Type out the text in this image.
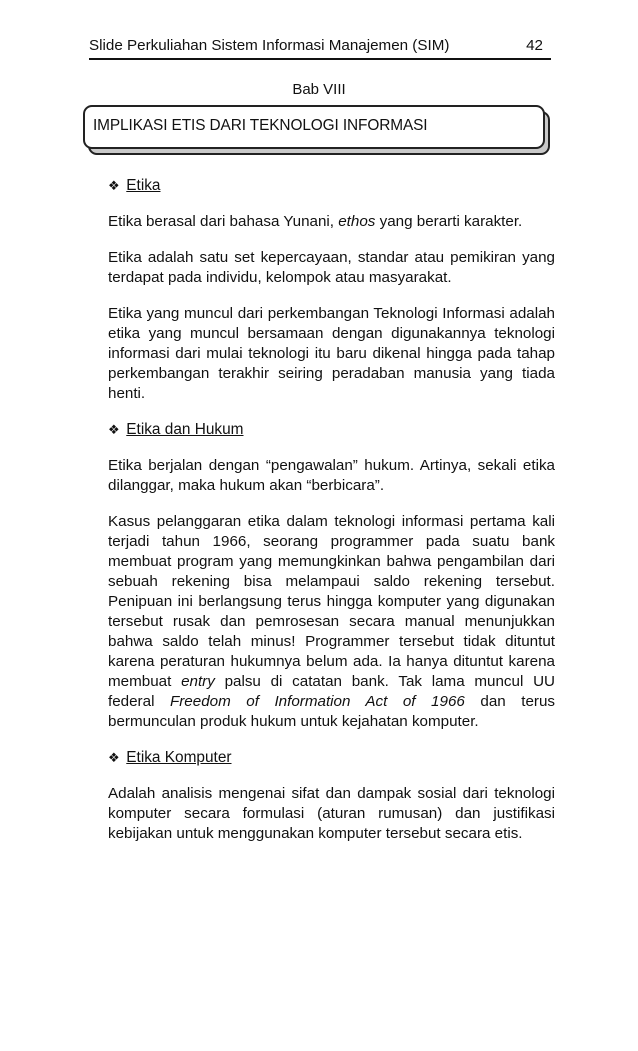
Slide Perkuliahan Sistem Informasi Manajemen (SIM)	42
Bab VIII
IMPLIKASI ETIS DARI TEKNOLOGI INFORMASI
❖ Etika

Etika berasal dari bahasa Yunani, ethos yang berarti karakter.

Etika adalah satu set kepercayaan, standar atau pemikiran yang terdapat pada individu, kelompok atau masyarakat.

Etika yang muncul dari perkembangan Teknologi Informasi adalah etika yang muncul bersamaan dengan digunakannya teknologi informasi dari mulai teknologi itu baru dikenal hingga pada tahap perkembangan terakhir seiring peradaban manusia yang tiada henti.

❖ Etika dan Hukum

Etika berjalan dengan “pengawalan” hukum. Artinya, sekali etika dilanggar, maka hukum akan “berbicara”.

Kasus pelanggaran etika dalam teknologi informasi pertama kali terjadi tahun 1966, seorang programmer pada suatu bank membuat program yang memungkinkan bahwa pengambilan dari sebuah rekening bisa melampaui saldo rekening tersebut. Penipuan ini berlangsung terus hingga komputer yang digunakan tersebut rusak dan pemrosesan secara manual menunjukkan bahwa saldo telah minus! Programmer tersebut tidak dituntut karena peraturan hukumnya belum ada. Ia hanya dituntut karena membuat entry palsu di catatan bank. Tak lama muncul UU federal Freedom of Information Act of 1966 dan terus bermunculan produk hukum untuk kejahatan komputer.

❖ Etika Komputer

Adalah analisis mengenai sifat dan dampak sosial dari teknologi komputer secara formulasi (aturan rumusan) dan justifikasi kebijakan untuk menggunakan komputer tersebut secara etis.
